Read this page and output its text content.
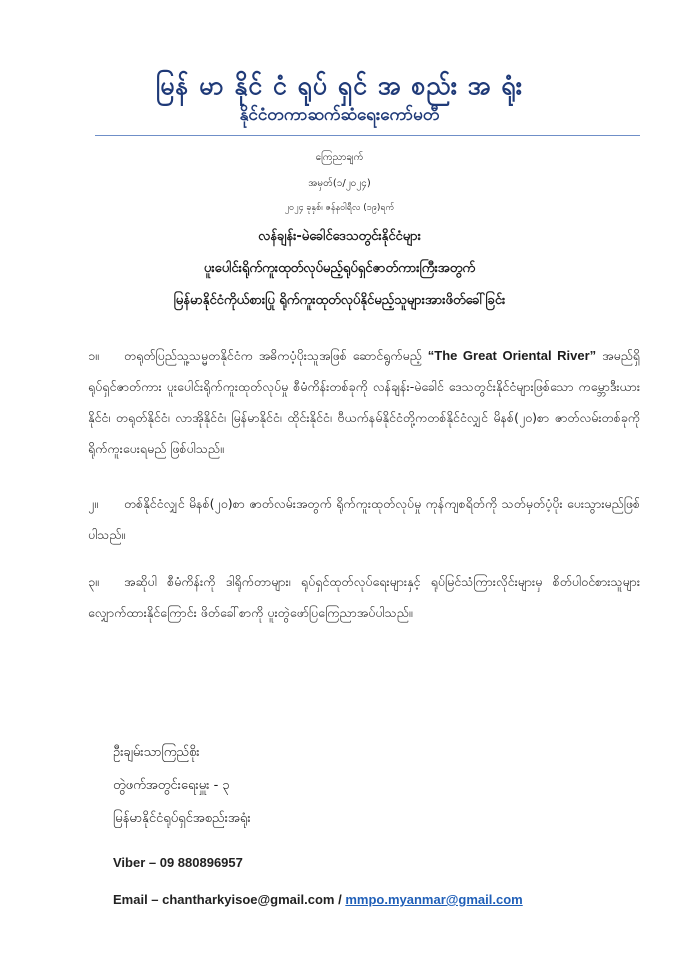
မြန် မာ နိုင် ငံ ရုပ် ရှင် အ စည်း အ ရုံး
နိုင်ငံတကာဆက်ဆံရေးကော်မတီ
ကြေညာချက်
အမှတ်(၁/၂၀၂၄)
၂၀၂၄ ခုနှစ်၊ ဇန်နဝါရီလ (၁၉)ရက်
လန်ချန်း-မဲခေါင်ဒေသတွင်းနိုင်ငံများ
ပူးပေါင်းရိုက်ကူးထုတ်လုပ်မည့်ရုပ်ရှင်ဇာတ်ကားကြီးအတွက်
မြန်မာနိုင်ငံကိုယ်စားပြု ရိုက်ကူးထုတ်လုပ်နိုင်မည့်သူများအားဖိတ်ခေါ်ခြင်း
၁။ တရုတ်ပြည်သူ့သမ္မတနိုင်ငံက အဓိကပံ့ပိုးသူအဖြစ် ဆောင်ရွက်မည့် “The Great Oriental River” အမည်ရှိ ရုပ်ရှင်ဇာတ်ကား ပူးပေါင်းရိုက်ကူးထုတ်လုပ်မှု စီမံကိန်းတစ်ခုကို လန်ချန်း-မဲခေါင် ဒေသတွင်းနိုင်ငံများဖြစ်သော ကမ္ဘောဒီးယားနိုင်ငံ၊ တရုတ်နိုင်ငံ၊ လာအိုနိုင်ငံ၊ မြန်မာနိုင်ငံ၊ ထိုင်းနိုင်ငံ၊ ဗီယက်နမ်နိုင်ငံတို့ကတစ်နိုင်ငံလျှင် မိနစ်(၂၀)စာ ဇာတ်လမ်းတစ်ခုကို ရိုက်ကူးပေးရမည် ဖြစ်ပါသည်။
၂။ တစ်နိုင်ငံလျှင် မိနစ်(၂၀)စာ ဇာတ်လမ်းအတွက် ရိုက်ကူးထုတ်လုပ်မှု ကုန်ကျစရိတ်ကို သတ်မှတ်ပံ့ပိုး ပေးသွားမည်ဖြစ်ပါသည်။
၃။ အဆိုပါ စီမံကိန်းကို ဒါရိုက်တာများ၊ ရုပ်ရှင်ထုတ်လုပ်ရေးများနှင့် ရုပ်မြင်သံကြားလိုင်းများမှ စိတ်ပါဝင်စားသူများ လျှောက်ထားနိုင်ကြောင်း ဖိတ်ခေါ်စာကို ပူးတွဲဖော်ပြကြေညာအပ်ပါသည်။
ဦးချမ်းသာကြည်စိုး
တွဲဖက်အတွင်းရေးမှူး - ၃
မြန်မာနိုင်ငံရုပ်ရှင်အစည်းအရုံး
Viber – 09 880896957
Email – chantharkyisoe@gmail.com / mmpo.myanmar@gmail.com
